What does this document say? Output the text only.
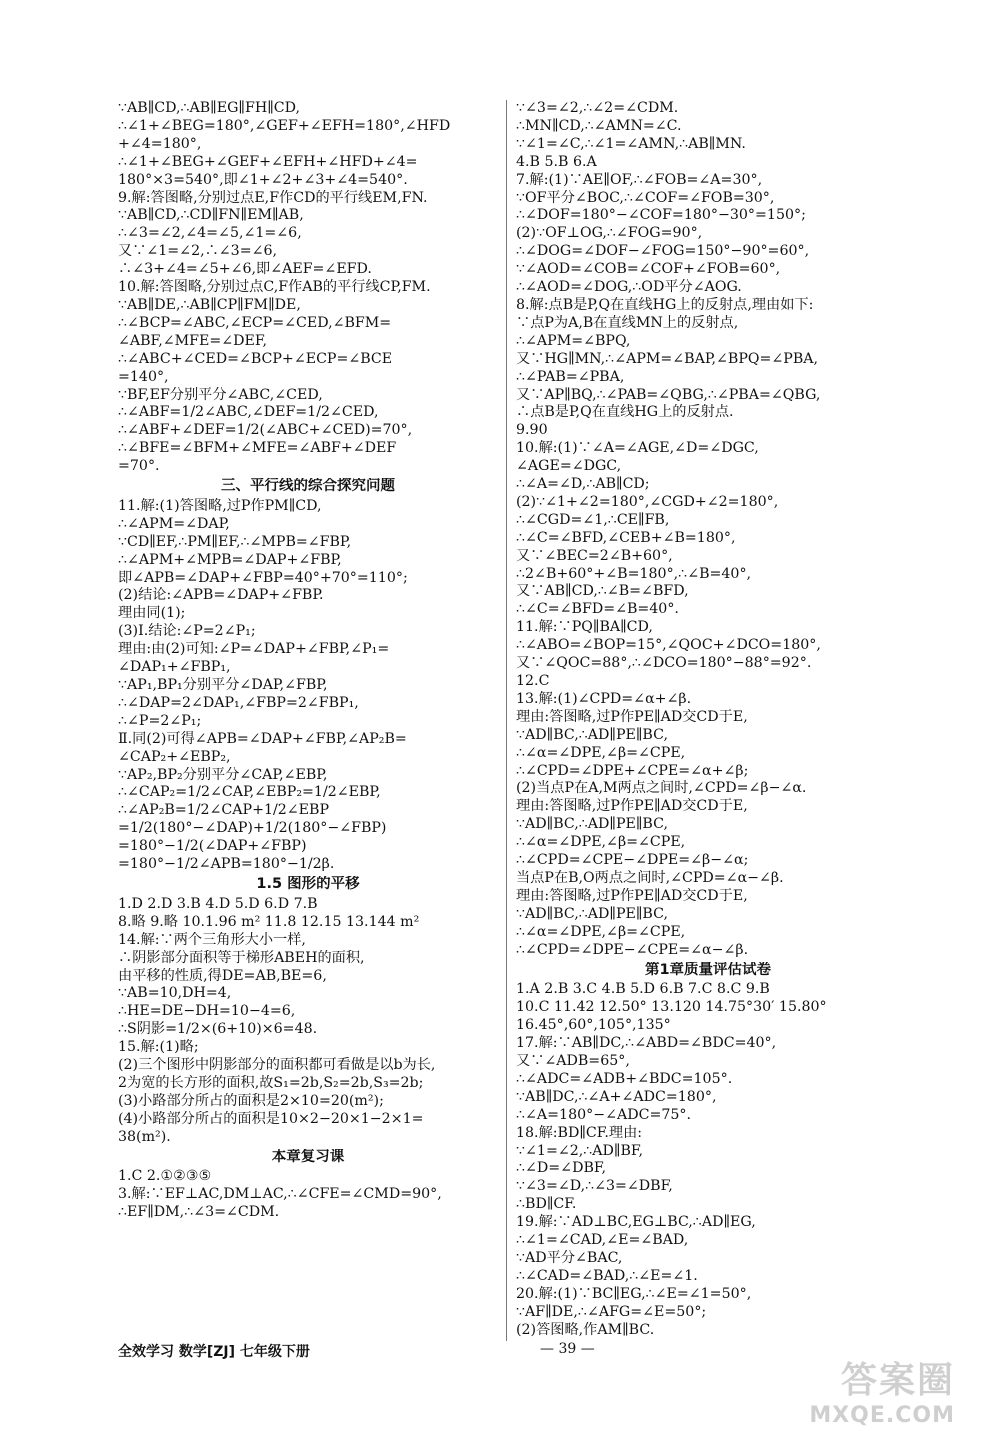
∵AB∥CD,∴AB∥EG∥FH∥CD,
∴∠1+∠BEG=180°,∠GEF+∠EFH=180°,∠HFD
+∠4=180°,
∴∠1+∠BEG+∠GEF+∠EFH+∠HFD+∠4=
180°×3=540°,即∠1+∠2+∠3+∠4=540°.
9.解:答图略,分别过点E,F作CD的平行线EM,FN.
∵AB∥CD,∴CD∥FN∥EM∥AB,
∴∠3=∠2,∠4=∠5,∠1=∠6,
又∵∠1=∠2,∴∠3=∠6,
∴∠3+∠4=∠5+∠6,即∠AEF=∠EFD.
10.解:答图略,分别过点C,F作AB的平行线CP,FM.
∵AB∥DE,∴AB∥CP∥FM∥DE,
∴∠BCP=∠ABC,∠ECP=∠CED,∠BFM=
∠ABF,∠MFE=∠DEF,
∴∠ABC+∠CED=∠BCP+∠ECP=∠BCE
=140°,
∵BF,EF分别平分∠ABC,∠CED,
∴∠ABF=1/2∠ABC,∠DEF=1/2∠CED,
∴∠ABF+∠DEF=1/2(∠ABC+∠CED)=70°,
∴∠BFE=∠BFM+∠MFE=∠ABF+∠DEF
=70°.
三、平行线的综合探究问题
11.解:(1)答图略,过P作PM∥CD,
∴∠APM=∠DAP,
∵CD∥EF,∴PM∥EF,∴∠MPB=∠FBP,
∴∠APM+∠MPB=∠DAP+∠FBP,
即∠APB=∠DAP+∠FBP=40°+70°=110°;
(2)结论:∠APB=∠DAP+∠FBP.
理由同(1);
(3)Ⅰ.结论:∠P=2∠P₁;
理由:由(2)可知:∠P=∠DAP+∠FBP,∠P₁=
∠DAP₁+∠FBP₁,
∵AP₁,BP₁分别平分∠DAP,∠FBP,
∴∠DAP=2∠DAP₁,∠FBP=2∠FBP₁,
∴∠P=2∠P₁;
Ⅱ.同(2)可得∠APB=∠DAP+∠FBP,∠AP₂B=
∠CAP₂+∠EBP₂,
∵AP₂,BP₂分别平分∠CAP,∠EBP,
∴∠CAP₂=1/2∠CAP,∠EBP₂=1/2∠EBP,
∴∠AP₂B=1/2∠CAP+1/2∠EBP
=1/2(180°−∠DAP)+1/2(180°−∠FBP)
=180°−1/2(∠DAP+∠FBP)
=180°−1/2∠APB=180°−1/2β.
1.5 图形的平移
1.D 2.D 3.B 4.D 5.D 6.D 7.B
8.略 9.略 10.1.96 m² 11.8 12.15 13.144 m²
14.解:∵两个三角形大小一样,
∴阴影部分面积等于梯形ABEH的面积,
由平移的性质,得DE=AB,BE=6,
∵AB=10,DH=4,
∴HE=DE−DH=10−4=6,
∴S阴影=1/2×(6+10)×6=48.
15.解:(1)略;
(2)三个图形中阴影部分的面积都可看做是以b为长,
2为宽的长方形的面积,故S₁=2b,S₂=2b,S₃=2b;
(3)小路部分所占的面积是2×10=20(m²);
(4)小路部分所占的面积是10×2−20×1−2×1=
38(m²).
本章复习课
1.C 2.①②③⑤
3.解:∵EF⊥AC,DM⊥AC,∴∠CFE=∠CMD=90°,
∴EF∥DM,∴∠3=∠CDM.
∵∠3=∠2,∴∠2=∠CDM.
∴MN∥CD,∴∠AMN=∠C.
∵∠1=∠C,∴∠1=∠AMN,∴AB∥MN.
4.B 5.B 6.A
7.解:(1)∵AE∥OF,∴∠FOB=∠A=30°,
∵OF平分∠BOC,∴∠COF=∠FOB=30°,
∴∠DOF=180°−∠COF=180°−30°=150°;
(2)∵OF⊥OG,∴∠FOG=90°,
∴∠DOG=∠DOF−∠FOG=150°−90°=60°,
∵∠AOD=∠COB=∠COF+∠FOB=60°,
∴∠AOD=∠DOG,∴OD平分∠AOG.
8.解:点B是P,Q在直线HG上的反射点,理由如下:
∵点P为A,B在直线MN上的反射点,
∴∠APM=∠BPQ,
又∵HG∥MN,∴∠APM=∠BAP,∠BPQ=∠PBA,
∴∠PAB=∠PBA,
又∵AP∥BQ,∴∠PAB=∠QBG,∴∠PBA=∠QBG,
∴点B是P,Q在直线HG上的反射点.
9.90
10.解:(1)∵∠A=∠AGE,∠D=∠DGC,
∠AGE=∠DGC,
∴∠A=∠D,∴AB∥CD;
(2)∵∠1+∠2=180°,∠CGD+∠2=180°,
∴∠CGD=∠1,∴CE∥FB,
∴∠C=∠BFD,∠CEB+∠B=180°,
又∵∠BEC=2∠B+60°,
∴2∠B+60°+∠B=180°,∴∠B=40°,
又∵AB∥CD,∴∠B=∠BFD,
∴∠C=∠BFD=∠B=40°.
11.解:∵PQ∥BA∥CD,
∴∠ABO=∠BOP=15°,∠QOC+∠DCO=180°,
又∵∠QOC=88°,∴∠DCO=180°−88°=92°.
12.C
13.解:(1)∠CPD=∠α+∠β.
理由:答图略,过P作PE∥AD交CD于E,
∵AD∥BC,∴AD∥PE∥BC,
∴∠α=∠DPE,∠β=∠CPE,
∴∠CPD=∠DPE+∠CPE=∠α+∠β;
(2)当点P在A,M两点之间时,∠CPD=∠β−∠α.
理由:答图略,过P作PE∥AD交CD于E,
∵AD∥BC,∴AD∥PE∥BC,
∴∠α=∠DPE,∠β=∠CPE,
∴∠CPD=∠CPE−∠DPE=∠β−∠α;
当点P在B,O两点之间时,∠CPD=∠α−∠β.
理由:答图略,过P作PE∥AD交CD于E,
∵AD∥BC,∴AD∥PE∥BC,
∴∠α=∠DPE,∠β=∠CPE,
∴∠CPD=∠DPE−∠CPE=∠α−∠β.
第1章质量评估试卷
1.A 2.B 3.C 4.B 5.D 6.B 7.C 8.C 9.B
10.C 11.42 12.50° 13.120 14.75°30′ 15.80°
16.45°,60°,105°,135°
17.解:∵AB∥DC,∴∠ABD=∠BDC=40°,
又∵∠ADB=65°,
∴∠ADC=∠ADB+∠BDC=105°.
∵AB∥DC,∴∠A+∠ADC=180°,
∴∠A=180°−∠ADC=75°.
18.解:BD∥CF.理由:
∵∠1=∠2,∴AD∥BF,
∴∠D=∠DBF,
∵∠3=∠D,∴∠3=∠DBF,
∴BD∥CF.
19.解:∵AD⊥BC,EG⊥BC,∴AD∥EG,
∴∠1=∠CAD,∠E=∠BAD,
∵AD平分∠BAC,
∴∠CAD=∠BAD,∴∠E=∠1.
20.解:(1)∵BC∥EG,∴∠E=∠1=50°,
∵AF∥DE,∴∠AFG=∠E=50°;
(2)答图略,作AM∥BC.
全效学习 数学[ZJ] 七年级下册	— 39 —
答案圈
MXQE.COM
